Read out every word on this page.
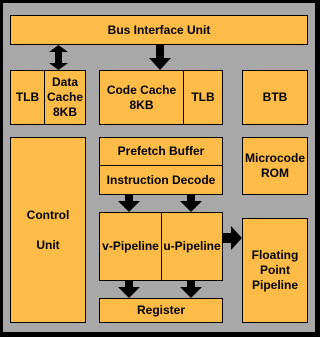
Bus Interface Unit
TLB
Data
Cache
8KB
Code Cache
8KB
TLB	BTB
Prefetch Buffer
Instruction Decode
Microcode
ROM
Control

Unit	v-Pipeline u-Pipeline
Floating
Point
Pipeline
Register
